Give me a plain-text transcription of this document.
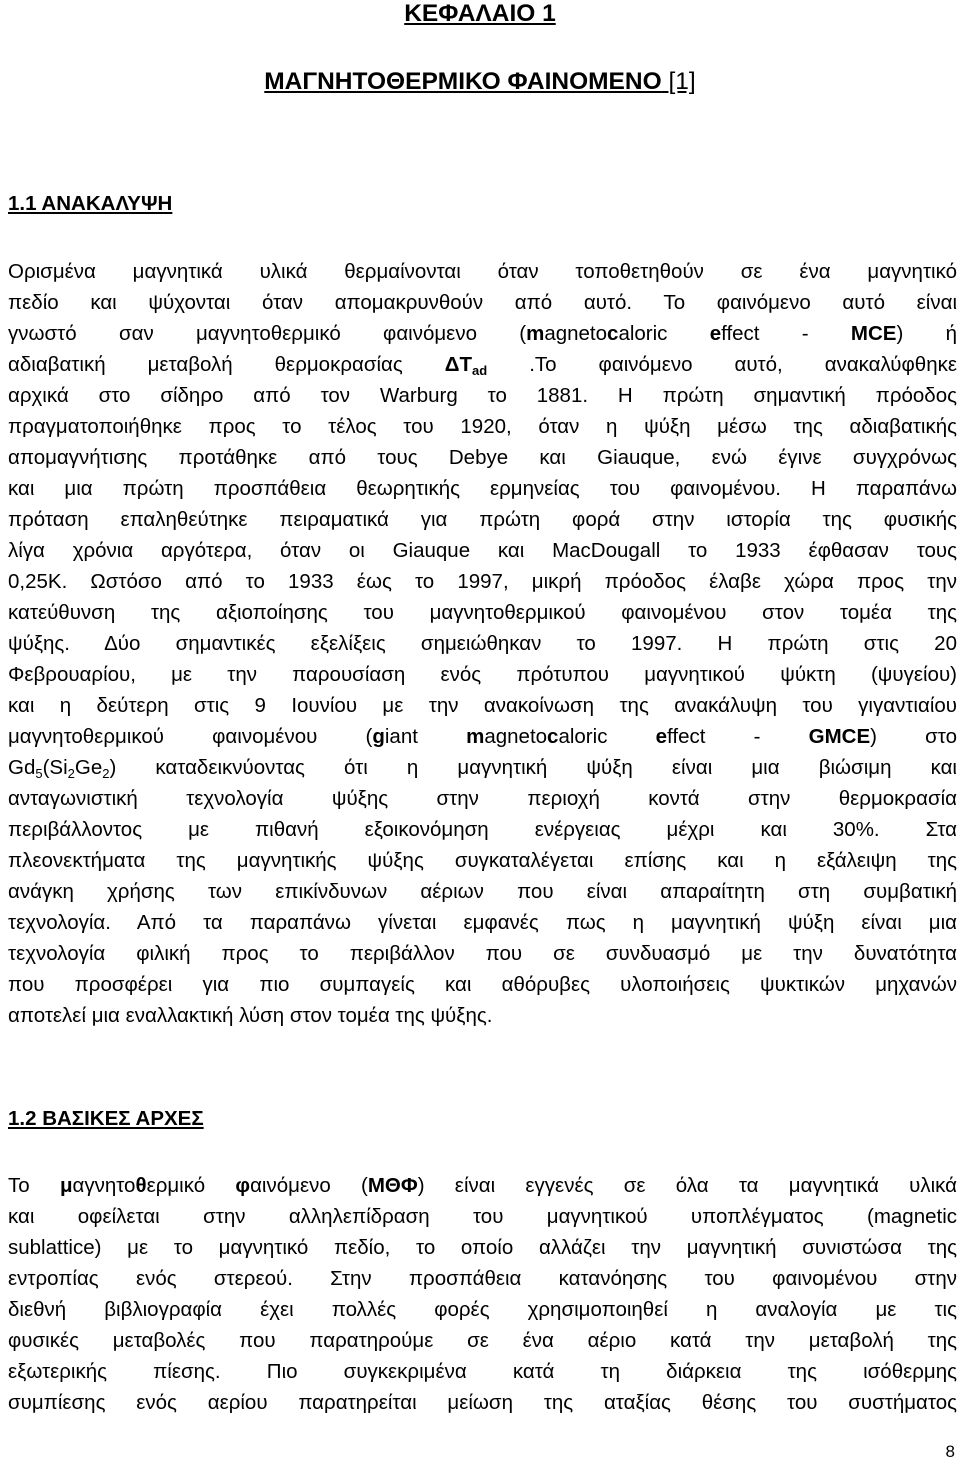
ΚΕΦΑΛΑΙΟ 1
ΜΑΓΝΗΤΟΘΕΡΜΙΚΟ ΦΑΙΝΟΜΕΝΟ [1]
1.1 ΑΝΑΚΑΛΥΨΗ
Ορισμένα μαγνητικά υλικά θερμαίνονται όταν τοποθετηθούν σε ένα μαγνητικό
πεδίο και ψύχονται όταν απομακρυνθούν από αυτό. Το φαινόμενο αυτό είναι
γνωστό σαν μαγνητοθερμικό φαινόμενο (magnetocaloric effect - MCE) ή
αδιαβατική μεταβολή θερμοκρασίας $\Delta T_{ad}$ .Το φαινόμενο αυτό, ανακαλύφθηκε
αρχικά στο σίδηρο από τον Warburg το 1881. Η πρώτη σημαντική πρόοδος
πραγματοποιήθηκε προς το τέλος του 1920, όταν η ψύξη μέσω της αδιαβατικής
απομαγνήτισης προτάθηκε από τους Debye και Giauque, ενώ έγινε συγχρόνως
και μια πρώτη προσπάθεια θεωρητικής ερμηνείας του φαινομένου. Η παραπάνω
πρόταση επαληθεύτηκε πειραματικά για πρώτη φορά στην ιστορία της φυσικής
λίγα χρόνια αργότερα, όταν οι Giauque και MacDougall το 1933 έφθασαν τους
0,25K. Ωστόσο από το 1933 έως το 1997, μικρή πρόοδος έλαβε χώρα προς την
κατεύθυνση της αξιοποίησης του μαγνητοθερμικού φαινομένου στον τομέα της
ψύξης. Δύο σημαντικές εξελίξεις σημειώθηκαν το 1997. Η πρώτη στις 20
Φεβρουαρίου, με την παρουσίαση ενός πρότυπου μαγνητικού ψύκτη (ψυγείου)
και η δεύτερη στις 9 Ιουνίου με την ανακοίνωση της ανακάλυψη του γιγαντιαίου
μαγνητοθερμικού φαινομένου (giant magnetocaloric effect - GMCE) στο
$Gd_5(Si_2Ge_2)$ καταδεικνύοντας ότι η μαγνητική ψύξη είναι μια βιώσιμη και
ανταγωνιστική τεχνολογία ψύξης στην περιοχή κοντά στην θερμοκρασία
περιβάλλοντος με πιθανή εξοικονόμηση ενέργειας μέχρι και 30%. Στα
πλεονεκτήματα της μαγνητικής ψύξης συγκαταλέγεται επίσης και η εξάλειψη της
ανάγκη χρήσης των επικίνδυνων αέριων που είναι απαραίτητη στη συμβατική
τεχνολογία. Από τα παραπάνω γίνεται εμφανές πως η μαγνητική ψύξη είναι μια
τεχνολογία φιλική προς το περιβάλλον που σε συνδυασμό με την δυνατότητα
που προσφέρει για πιο συμπαγείς και αθόρυβες υλοποιήσεις ψυκτικών μηχανών
αποτελεί μια εναλλακτική λύση στον τομέα της ψύξης.
1.2 ΒΑΣΙΚΕΣ ΑΡΧΕΣ
Το μαγνητοθερμικό φαινόμενο (ΜΘΦ) είναι εγγενές σε όλα τα μαγνητικά υλικά
και οφείλεται στην αλληλεπίδραση του μαγνητικού υποπλέγματος (magnetic
sublattice) με το μαγνητικό πεδίο, το οποίο αλλάζει την μαγνητική συνιστώσα της
εντροπίας ενός στερεού. Στην προσπάθεια κατανόησης του φαινομένου στην
διεθνή βιβλιογραφία έχει πολλές φορές χρησιμοποιηθεί η αναλογία με τις
φυσικές μεταβολές που παρατηρούμε σε ένα αέριο κατά την μεταβολή της
εξωτερικής πίεσης. Πιο συγκεκριμένα κατά τη διάρκεια της ισόθερμης
συμπίεσης ενός αερίου παρατηρείται μείωση της αταξίας θέσης του συστήματος
8
